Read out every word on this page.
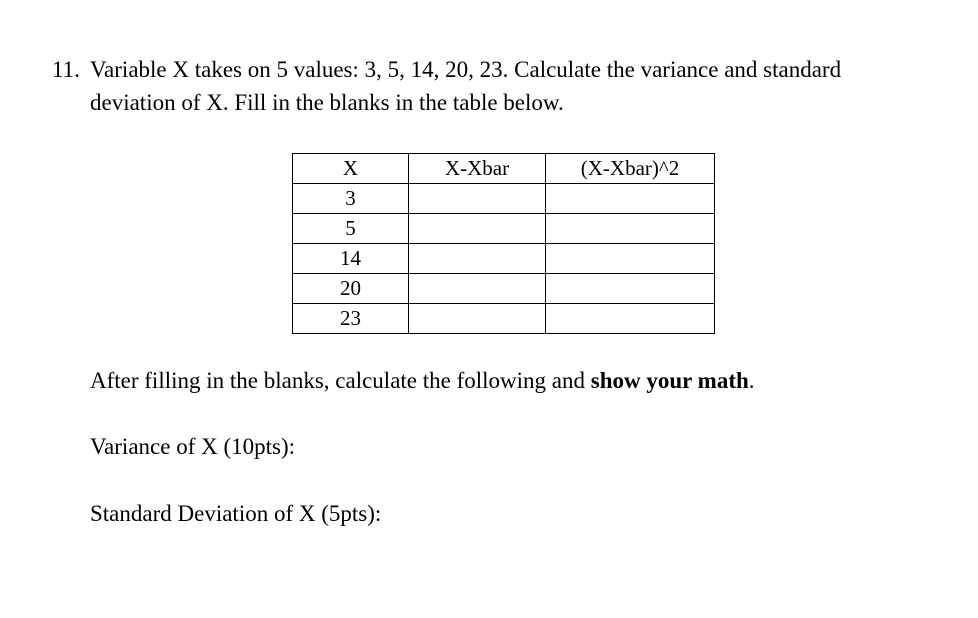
11. Variable X takes on 5 values: 3, 5, 14, 20, 23. Calculate the variance and standard
deviation of X. Fill in the blanks in the table below.
X	X-Xbar	(X-Xbar)^2
3		
5		
14		
20		
23		
After filling in the blanks, calculate the following and show your math.
Variance of X (10pts):
Standard Deviation of X (5pts):
